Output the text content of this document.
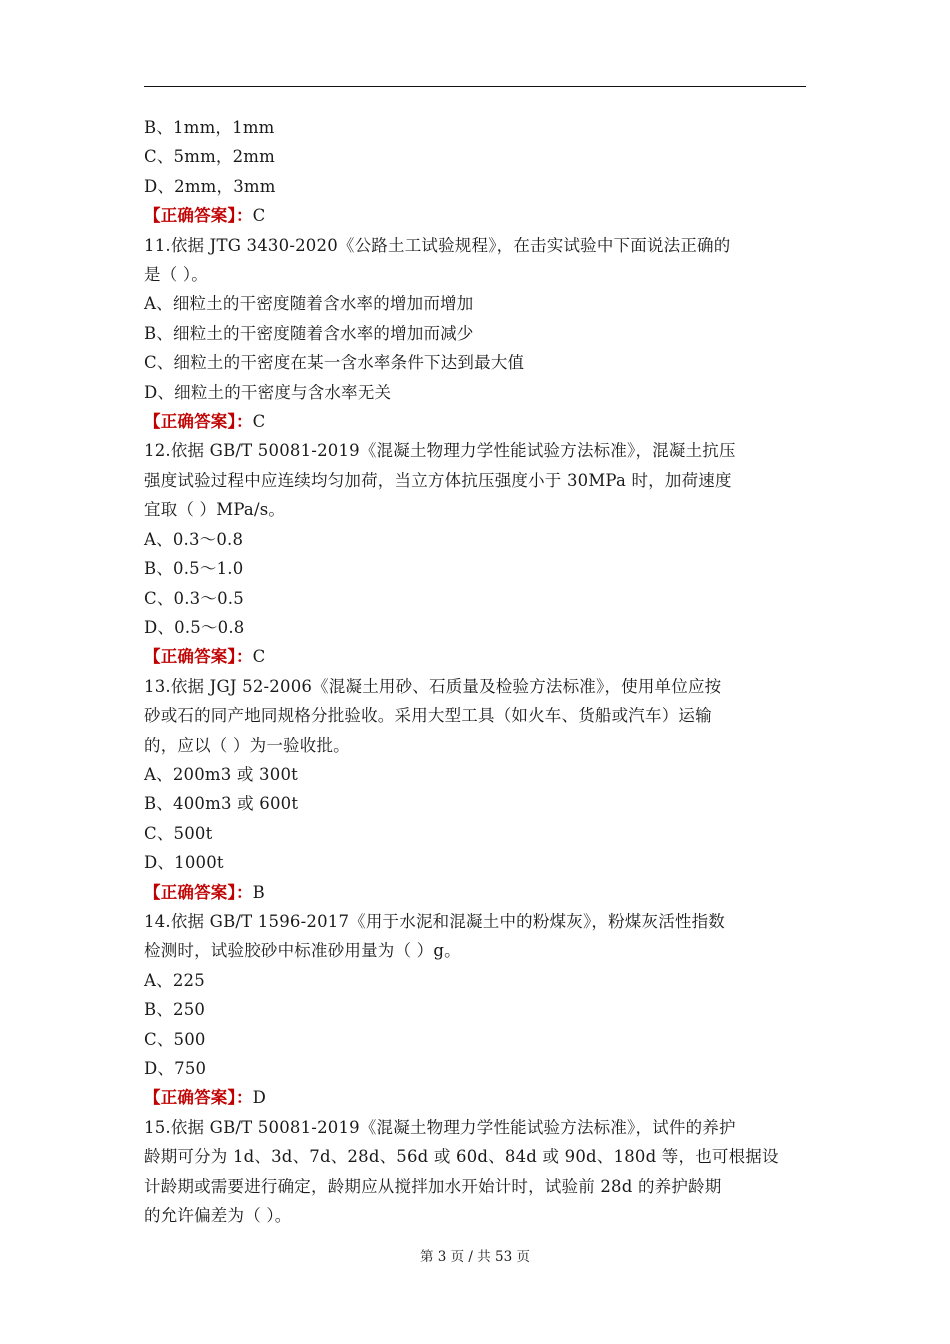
B、1mm，1mm
C、5mm，2mm
D、2mm，3mm
【正确答案】：C
11.依据 JTG 3430-2020《公路土工试验规程》，在击实试验中下面说法正确的
是（ ）。
A、细粒土的干密度随着含水率的增加而增加
B、细粒土的干密度随着含水率的增加而减少
C、细粒土的干密度在某一含水率条件下达到最大值
D、细粒土的干密度与含水率无关
【正确答案】：C
12.依据 GB/T 50081-2019《混凝土物理力学性能试验方法标准》，混凝土抗压
强度试验过程中应连续均匀加荷，当立方体抗压强度小于 30MPa 时，加荷速度
宜取（ ）MPa/s。
A、0.3～0.8
B、0.5～1.0
C、0.3～0.5
D、0.5～0.8
【正确答案】：C
13.依据 JGJ 52-2006《混凝土用砂、石质量及检验方法标准》，使用单位应按
砂或石的同产地同规格分批验收。采用大型工具（如火车、货船或汽车）运输
的，应以（ ）为一验收批。
A、200m3 或 300t
B、400m3 或 600t
C、500t
D、1000t
【正确答案】：B
14.依据 GB/T 1596-2017《用于水泥和混凝土中的粉煤灰》，粉煤灰活性指数
检测时，试验胶砂中标准砂用量为（ ）g。
A、225
B、250
C、500
D、750
【正确答案】：D
15.依据 GB/T 50081-2019《混凝土物理力学性能试验方法标准》，试件的养护
龄期可分为 1d、3d、7d、28d、56d 或 60d、84d 或 90d、180d 等，也可根据设
计龄期或需要进行确定，龄期应从搅拌加水开始计时，试验前 28d 的养护龄期
的允许偏差为（ ）。
第 3 页 / 共 53 页
